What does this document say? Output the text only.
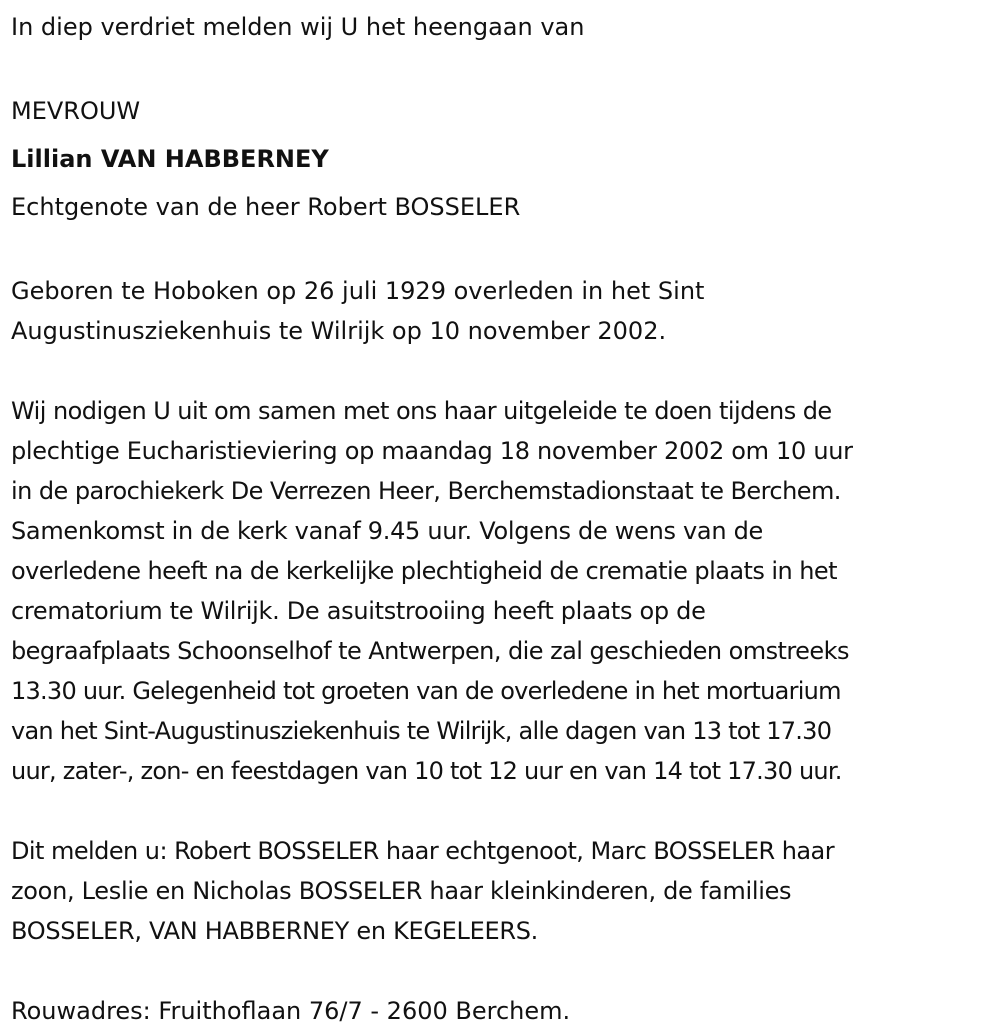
In diep verdriet melden wij U het heengaan van

MEVROUW

Lillian VAN HABBERNEY

Echtgenote van de heer Robert BOSSELER

Geboren te Hoboken op 26 juli 1929 overleden in het Sint

Augustinusziekenhuis te Wilrijk op 10 november 2002.

Wij nodigen U uit om samen met ons haar uitgeleide te doen tijdens de

plechtige Eucharistieviering op maandag 18 november 2002 om 10 uur

in de parochiekerk De Verrezen Heer, Berchemstadionstaat te Berchem.

Samenkomst in de kerk vanaf 9.45 uur. Volgens de wens van de

overledene heeft na de kerkelijke plechtigheid de crematie plaats in het

crematorium te Wilrijk. De asuitstrooiing heeft plaats op de

begraafplaats Schoonselhof te Antwerpen, die zal geschieden omstreeks

13.30 uur. Gelegenheid tot groeten van de overledene in het mortuarium

van het Sint-Augustinusziekenhuis te Wilrijk, alle dagen van 13 tot 17.30

uur, zater-, zon- en feestdagen van 10 tot 12 uur en van 14 tot 17.30 uur.

Dit melden u: Robert BOSSELER haar echtgenoot, Marc BOSSELER haar

zoon, Leslie en Nicholas BOSSELER haar kleinkinderen, de families

BOSSELER, VAN HABBERNEY en KEGELEERS.

Rouwadres: Fruithoflaan 76/7 - 2600 Berchem.
